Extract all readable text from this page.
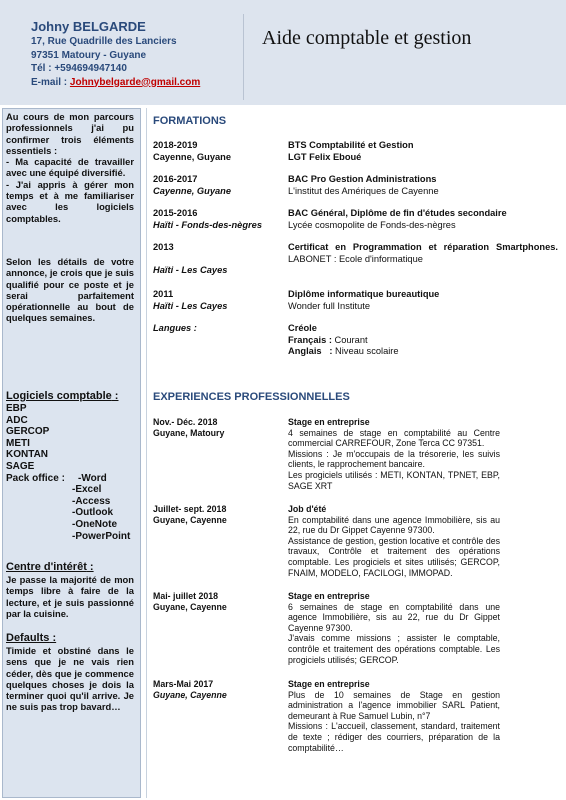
Johny BELGARDE
17, Rue Quadrille des Lanciers
97351 Matoury - Guyane
Tél : +594694947140
E-mail : Johnybelgarde@gmail.com
Aide comptable et gestion

Au cours de mon parcours professionnels j'ai pu confirmer trois éléments essentiels :

- Ma capacité de travailler avec une équipé diversifié.

- J'ai appris à gérer mon temps et à me familiariser avec les logiciels comptables.

Selon les détails de votre annonce, je crois que je suis qualifié pour ce poste et je serai parfaitement opérationnelle au bout de quelques semaines.
Logiciels comptable :
EBP
ADC
GERCOP
METI
KONTAN
SAGE
Pack office :	-Word
-Excel
-Access
-Outlook
-OneNote
-PowerPoint
Centre d'intérêt :
Je passe la majorité de mon temps libre à faire de la lecture, et je suis passionné par la cuisine.
Defaults :
Timide et obstiné dans le sens que je ne vais rien céder, dès que je commence quelques choses je dois la terminer quoi qu'il arrive. Je ne suis pas trop bavard…
FORMATIONS
2018-2019
Cayenne, Guyane
BTS Comptabilité et Gestion
LGT Felix Eboué
2016-2017
Cayenne, Guyane
BAC Pro Gestion Administrations
L'institut des Amériques de Cayenne
2015-2016
Haïti - Fonds-des-nègres
BAC Général, Diplôme de fin d'études secondaire
Lycée cosmopolite de Fonds-des-nègres
2013
Haïti - Les Cayes
Certificat en Programmation et réparation Smartphones.
LABONET : Ecole d'informatique
2011
Haïti - Les Cayes
Diplôme informatique bureautique
Wonder full Institute
Langues :	Créole
Français : Courant
Anglais   : Niveau scolaire
EXPERIENCES PROFESSIONNELLES
Nov.- Déc. 2018
Guyane, Matoury
Stage en entreprise

4 semaines de stage en comptabilité au Centre commercial CARREFOUR, Zone Terca CC 97351.

Missions : Je m'occupais de la trésorerie, les suivis clients, le rapprochement bancaire.

Les progiciels utilisés : METI, KONTAN, TPNET, EBP, SAGE XRT

Juillet- sept. 2018
Guyane, Cayenne
Job d'été

En comptabilité dans une agence Immobilière, sis au 22, rue du Dr Gippet Cayenne 97300.

Assistance de gestion, gestion locative et contrôle des travaux, Contrôle et traitement des opérations comptable. Les progiciels et sites utilisés; GERCOP, FNAIM, MODELO, FACILOGI, IMMOPAD.

Mai- juillet 2018
Guyane, Cayenne
Stage en entreprise

6 semaines de stage en comptabilité dans une agence Immobilière, sis au 22, rue du Dr Gippet Cayenne 97300.

J'avais comme missions ; assister le comptable, contrôle et traitement des opérations comptable. Les progiciels utilisés; GERCOP.

Mars-Mai 2017
Guyane, Cayenne
Stage en entreprise

Plus de 10 semaines de Stage en gestion administration a l'agence immobilier SARL Patient, demeurant à Rue Samuel Lubin, n°7

Missions : L'accueil, classement, standard, traitement de texte ; rédiger des courriers, préparation de la comptabilité…
